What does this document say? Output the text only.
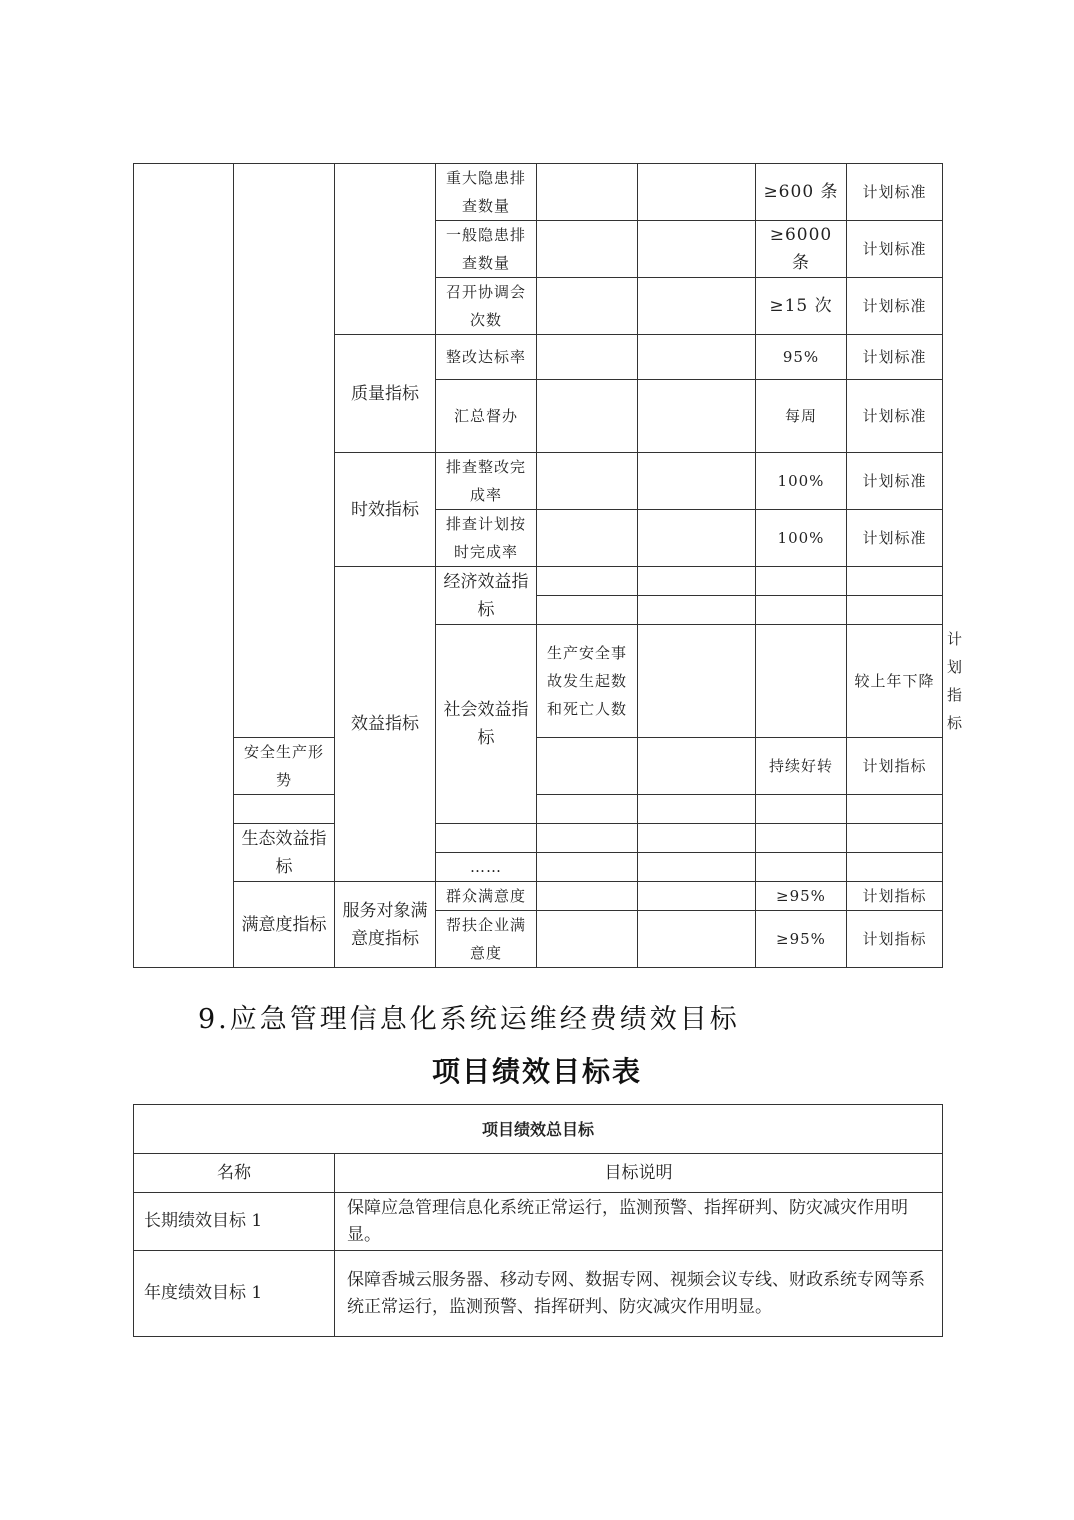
			重大隐患排查数量			≥600 条	计划标准	
			一般隐患排查数量			≥6000 条	计划标准	
			召开协调会次数			≥15 次	计划标准	
		质量指标	整改达标率			95%	计划标准	
			汇总督办			每周	计划标准	
		时效指标	排查整改完成率			100%	计划标准	
			排查计划按时完成率			100%	计划标准	
		效益指标	经济效益指标					

			社会效益指标	生产安全事故发生起数和死亡人数			较上年下降	计划指标
	安全生产形势					持续好转	计划指标	

	生态效益指标							
			……					
	满意度指标	服务对象满意度指标	群众满意度			≥95%	计划指标	
			帮扶企业满意度			≥95%	计划指标	
9.应急管理信息化系统运维经费绩效目标
项目绩效目标表
项目绩效总目标	
名称	目标说明
长期绩效目标 1	保障应急管理信息化系统正常运行，监测预警、指挥研判、防灾减灾作用明显。
年度绩效目标 1	保障香城云服务器、移动专网、数据专网、视频会议专线、财政系统专网等系统正常运行，监测预警、指挥研判、防灾减灾作用明显。
